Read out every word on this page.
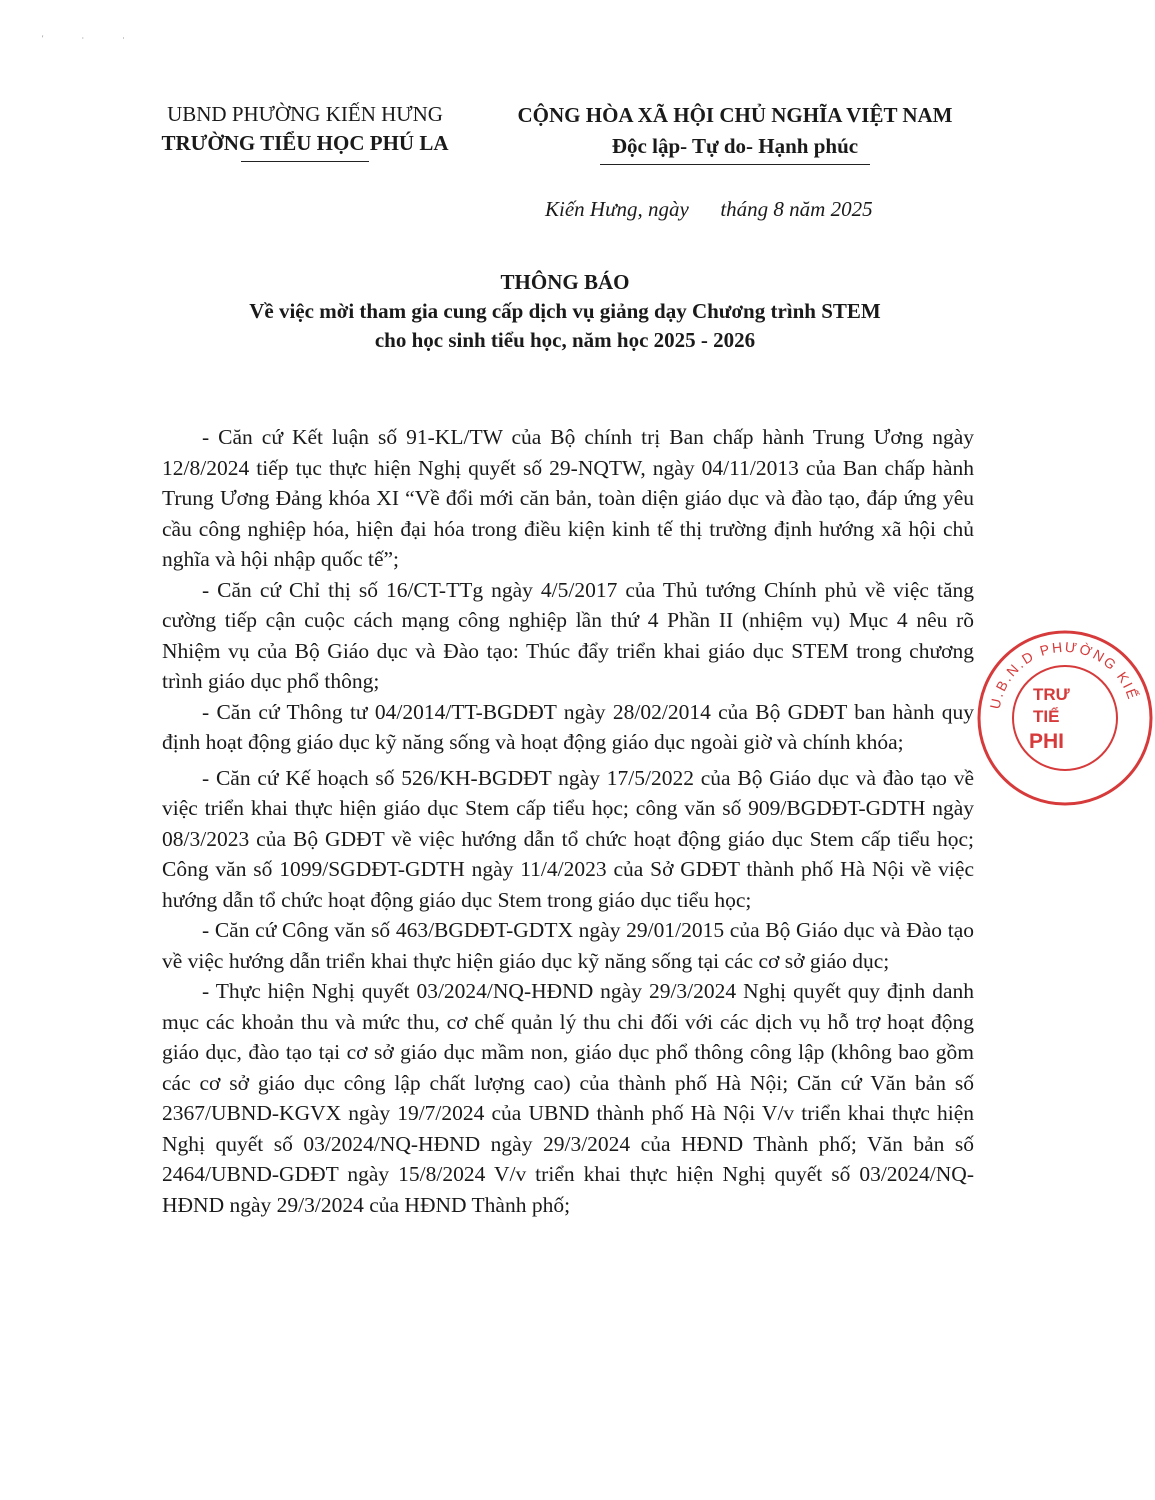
' · ·
UBND PHƯỜNG KIẾN HƯNG
TRƯỜNG TIỂU HỌC PHÚ LA
CỘNG HÒA XÃ HỘI CHỦ NGHĨA VIỆT NAM
Độc lập- Tự do- Hạnh phúc
Kiến Hưng, ngày      tháng 8 năm 2025
THÔNG BÁO
Về việc mời tham gia cung cấp dịch vụ giảng dạy Chương trình STEM
cho học sinh tiểu học, năm học 2025 - 2026

- Căn cứ Kết luận số 91-KL/TW của Bộ chính trị Ban chấp hành Trung Ương ngày 12/8/2024 tiếp tục thực hiện Nghị quyết số 29-NQTW, ngày 04/11/2013 của Ban chấp hành Trung Ương Đảng khóa XI “Về đổi mới căn bản, toàn diện giáo dục và đào tạo, đáp ứng yêu cầu công nghiệp hóa, hiện đại hóa trong điều kiện kinh tế thị trường định hướng xã hội chủ nghĩa và hội nhập quốc tế”;

- Căn cứ Chỉ thị số 16/CT-TTg ngày 4/5/2017 của Thủ tướng Chính phủ về việc tăng cường tiếp cận cuộc cách mạng công nghiệp lần thứ 4 Phần II (nhiệm vụ) Mục 4 nêu rõ Nhiệm vụ của Bộ Giáo dục và Đào tạo: Thúc đẩy triển khai giáo dục STEM trong chương trình giáo dục phổ thông;

- Căn cứ Thông tư 04/2014/TT-BGDĐT ngày 28/02/2014 của Bộ GDĐT ban hành quy định hoạt động giáo dục kỹ năng sống và hoạt động giáo dục ngoài giờ và chính khóa;

- Căn cứ Kế hoạch số 526/KH-BGDĐT ngày 17/5/2022 của Bộ Giáo dục và đào tạo về việc triển khai thực hiện giáo dục Stem cấp tiểu học; công văn số 909/BGDĐT-GDTH ngày 08/3/2023 của Bộ GDĐT về việc hướng dẫn tổ chức hoạt động giáo dục Stem cấp tiểu học; Công văn số 1099/SGDĐT-GDTH ngày 11/4/2023 của Sở GDĐT thành phố Hà Nội về việc hướng dẫn tổ chức hoạt động giáo dục Stem trong giáo dục tiểu học;

- Căn cứ Công văn số 463/BGDĐT-GDTX ngày 29/01/2015 của Bộ Giáo dục và Đào tạo về việc hướng dẫn triển khai thực hiện giáo dục kỹ năng sống tại các cơ sở giáo dục;

- Thực hiện Nghị quyết 03/2024/NQ-HĐND ngày 29/3/2024 Nghị quyết quy định danh mục các khoản thu và mức thu, cơ chế quản lý thu chi đối với các dịch vụ hỗ trợ hoạt động giáo dục, đào tạo tại cơ sở giáo dục mầm non, giáo dục phổ thông công lập (không bao gồm các cơ sở giáo dục công lập chất lượng cao) của thành phố Hà Nội; Căn cứ Văn bản số 2367/UBND-KGVX ngày 19/7/2024 của UBND thành phố Hà Nội V/v triển khai thực hiện Nghị quyết số 03/2024/NQ-HĐND ngày 29/3/2024 của HĐND Thành phố; Văn bản số 2464/UBND-GDĐT ngày 15/8/2024 V/v triển khai thực hiện Nghị quyết số 03/2024/NQ-HĐND ngày 29/3/2024 của HĐND Thành phố;

U.B.N.D PHƯỜNG KIẾ
TRƯ
TIỂ
PHI
